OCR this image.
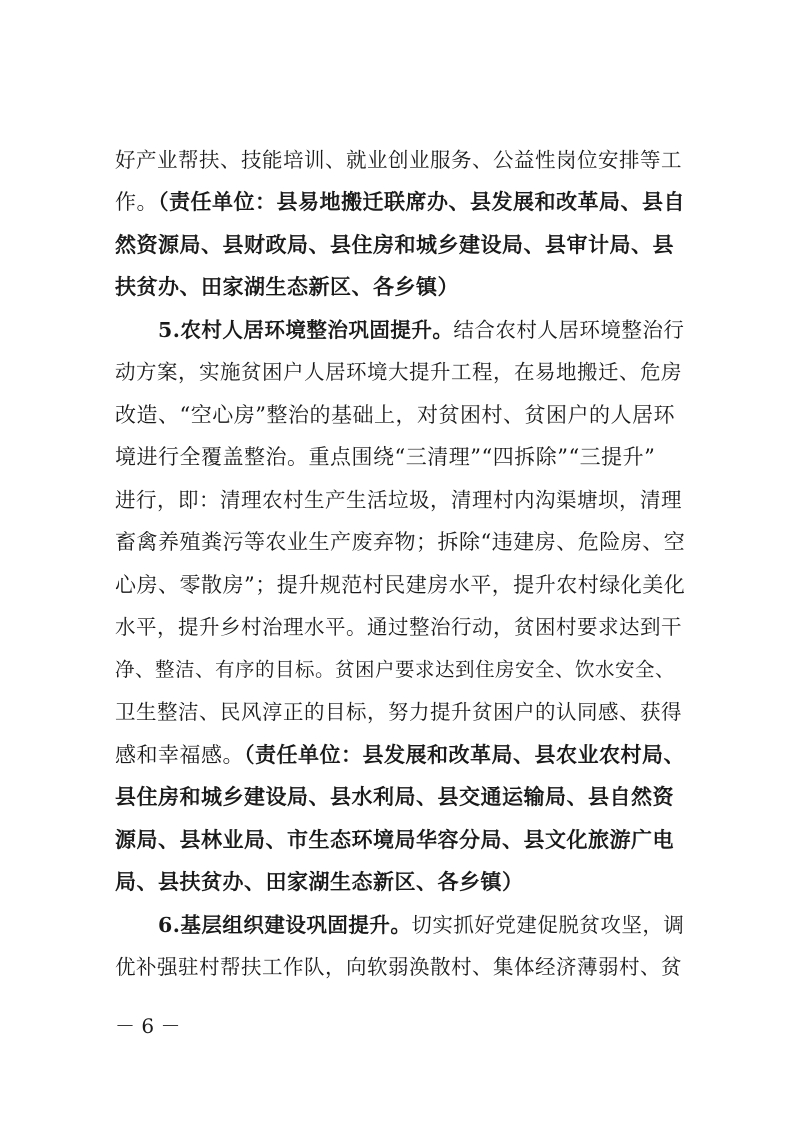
好产业帮扶、技能培训、就业创业服务、公益性岗位安排等工
作。（责任单位：县易地搬迁联席办、县发展和改革局、县自
然资源局、县财政局、县住房和城乡建设局、县审计局、县
扶贫办、田家湖生态新区、各乡镇）
5.农村人居环境整治巩固提升。结合农村人居环境整治行
动方案，实施贫困户人居环境大提升工程，在易地搬迁、危房
改造、“空心房”整治的基础上，对贫困村、贫困户的人居环
境进行全覆盖整治。重点围绕“三清理”“四拆除”“三提升”
进行，即：清理农村生产生活垃圾，清理村内沟渠塘坝，清理
畜禽养殖粪污等农业生产废弃物；拆除“违建房、危险房、空
心房、零散房”；提升规范村民建房水平，提升农村绿化美化
水平，提升乡村治理水平。通过整治行动，贫困村要求达到干
净、整洁、有序的目标。贫困户要求达到住房安全、饮水安全、
卫生整洁、民风淳正的目标，努力提升贫困户的认同感、获得
感和幸福感。（责任单位：县发展和改革局、县农业农村局、
县住房和城乡建设局、县水利局、县交通运输局、县自然资
源局、县林业局、市生态环境局华容分局、县文化旅游广电
局、县扶贫办、田家湖生态新区、各乡镇）
6.基层组织建设巩固提升。切实抓好党建促脱贫攻坚，调
优补强驻村帮扶工作队，向软弱涣散村、集体经济薄弱村、贫
－ 6 －
